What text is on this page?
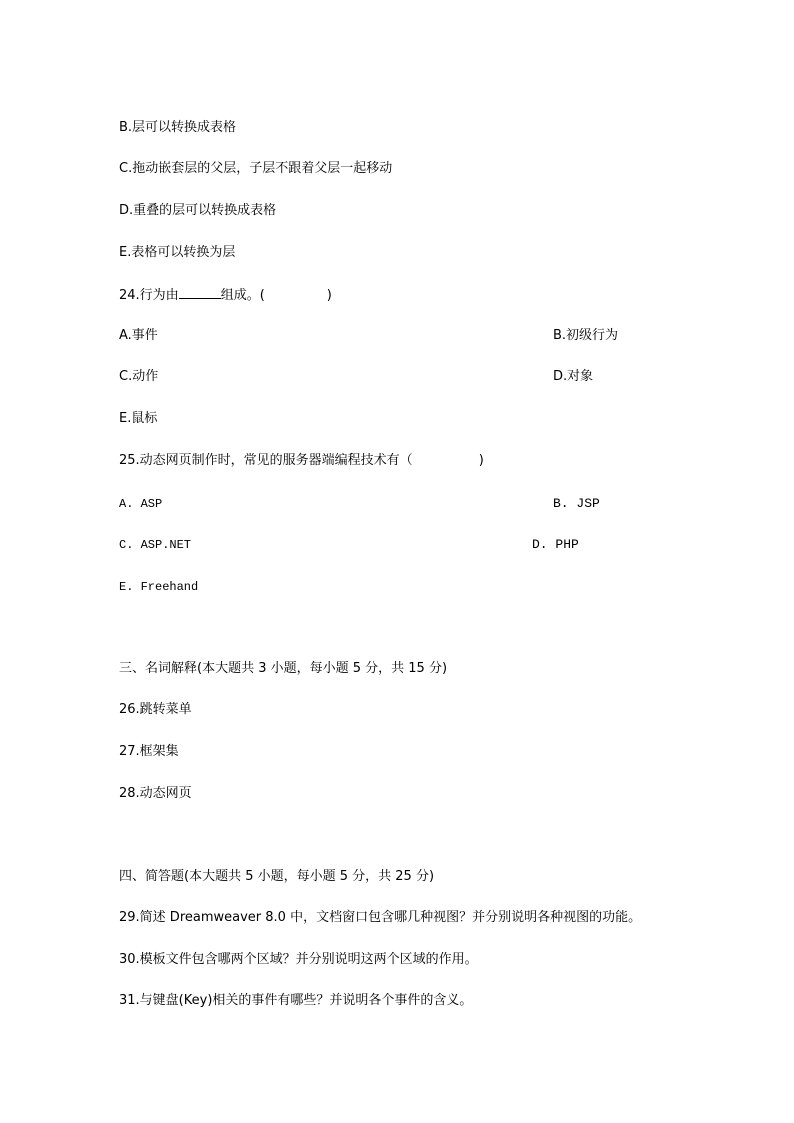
B.层可以转换成表格
C.拖动嵌套层的父层，子层不跟着父层一起移动
D.重叠的层可以转换成表格
E.表格可以转换为层
24.行为由	组成。(	)
A.事件	B.初级行为
C.动作	D.对象
E.鼠标
25.动态网页制作时，常见的服务器端编程技术有（	)
A. ASP	B. JSP
C. ASP.NET	D. PHP
E. Freehand
三、名词解释(本大题共 3 小题，每小题 5 分，共 15 分)
26.跳转菜单
27.框架集
28.动态网页
四、简答题(本大题共 5 小题，每小题 5 分，共 25 分)
29.简述 Dreamweaver 8.0 中，文档窗口包含哪几种视图？并分别说明各种视图的功能。
30.模板文件包含哪两个区域？并分别说明这两个区域的作用。
31.与键盘(Key)相关的事件有哪些？并说明各个事件的含义。
